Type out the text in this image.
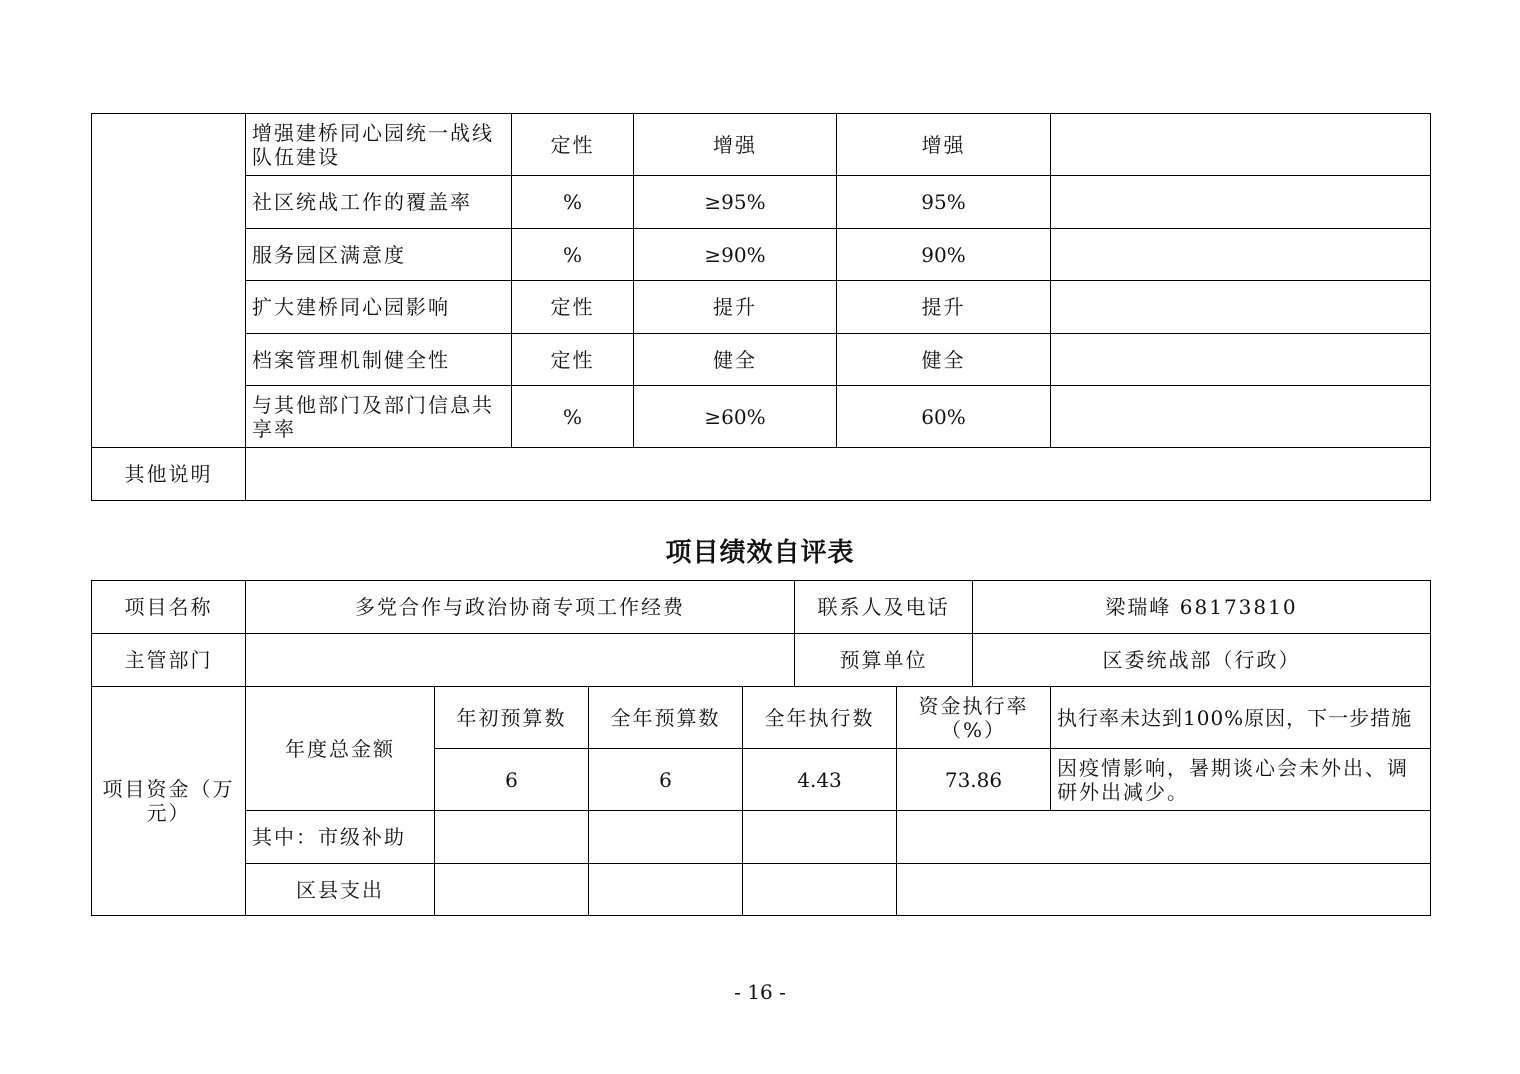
	增强建桥同心园统一战线队伍建设	定性	增强	增强	
	社区统战工作的覆盖率	%	≥95%	95%	
	服务园区满意度	%	≥90%	90%	
	扩大建桥同心园影响	定性	提升	提升	
	档案管理机制健全性	定性	健全	健全	
	与其他部门及部门信息共享率	%	≥60%	60%	
其他说明					
项目绩效自评表
项目名称	多党合作与政治协商专项工作经费				联系人及电话		梁瑞峰 68173810	
主管部门					预算单位		区委统战部（行政）	
项目资金（万元）	年度总金额	年初预算数	全年预算数	全年执行数		资金执行率（%）		执行率未达到100%原因，下一步措施
		6	6	4.43		73.86		因疫情影响，暑期谈心会未外出、调研外出减少。
	其中：市级补助							
	区县支出							
- 16 -
